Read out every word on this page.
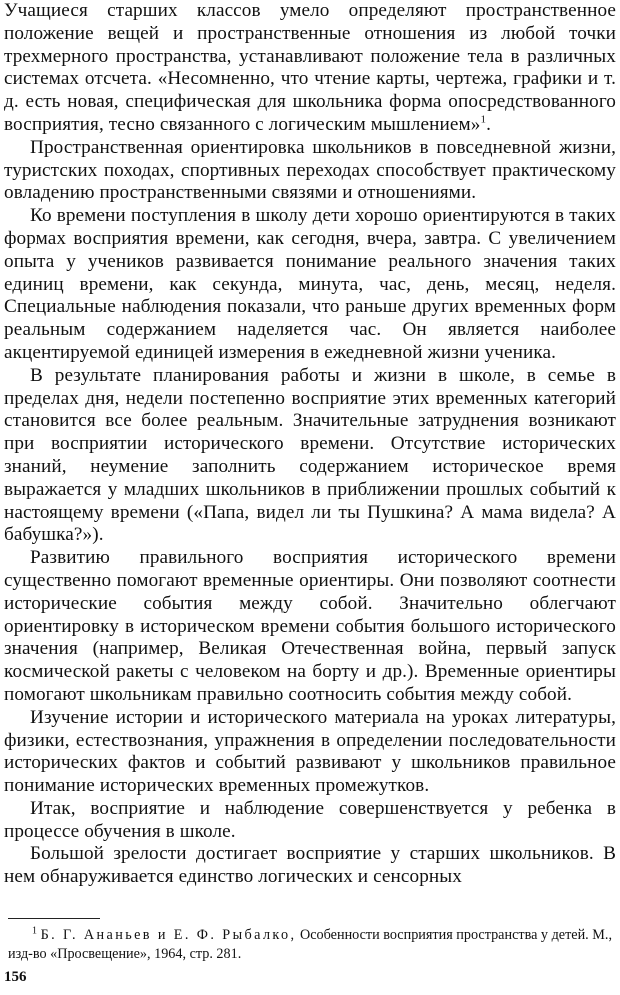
Учащиеся старших классов умело определяют пространственное положение вещей и пространственные отношения из любой точки трехмерного пространства, устанавливают положение тела в различных системах отсчета. «Несомненно, что чтение карты, чертежа, графики и т. д. есть новая, специфическая для школьника форма опосредствованного восприятия, тесно связанного с логическим мышлением»$^1$.

Пространственная ориентировка школьников в повседневной жизни, туристских походах, спортивных переходах способствует практическому овладению пространственными связями и отношениями.

Ко времени поступления в школу дети хорошо ориентируются в таких формах восприятия времени, как сегодня, вчера, завтра. С увеличением опыта у учеников развивается понимание реального значения таких единиц времени, как секунда, минута, час, день, месяц, неделя. Специальные наблюдения показали, что раньше других временных форм реальным содержанием наделяется час. Он является наиболее акцентируемой единицей измерения в ежедневной жизни ученика.

В результате планирования работы и жизни в школе, в семье в пределах дня, недели постепенно восприятие этих временных категорий становится все более реальным. Значительные затруднения возникают при восприятии исторического времени. Отсутствие исторических знаний, неумение заполнить содержанием историческое время выражается у младших школьников в приближении прошлых событий к настоящему времени («Папа, видел ли ты Пушкина? А мама видела? А бабушка?»).

Развитию правильного восприятия исторического времени существенно помогают временные ориентиры. Они позволяют соотнести исторические события между собой. Значительно облегчают ориентировку в историческом времени события большого исторического значения (например, Великая Отечественная война, первый запуск космической ракеты с человеком на борту и др.). Временные ориентиры помогают школьникам правильно соотносить события между собой.

Изучение истории и исторического материала на уроках литературы, физики, естествознания, упражнения в определении последовательности исторических фактов и событий развивают у школьников правильное понимание исторических временных промежутков.

Итак, восприятие и наблюдение совершенствуется у ребенка в процессе обучения в школе.

Большой зрелости достигает восприятие у старших школьников. В нем обнаруживается единство логических и сенсорных

$^1$ Б. Г. Ананьев и Е. Ф. Рыбалко, Особенности восприятия пространства у детей. М., изд-во «Просвещение», 1964, стр. 281.
156
